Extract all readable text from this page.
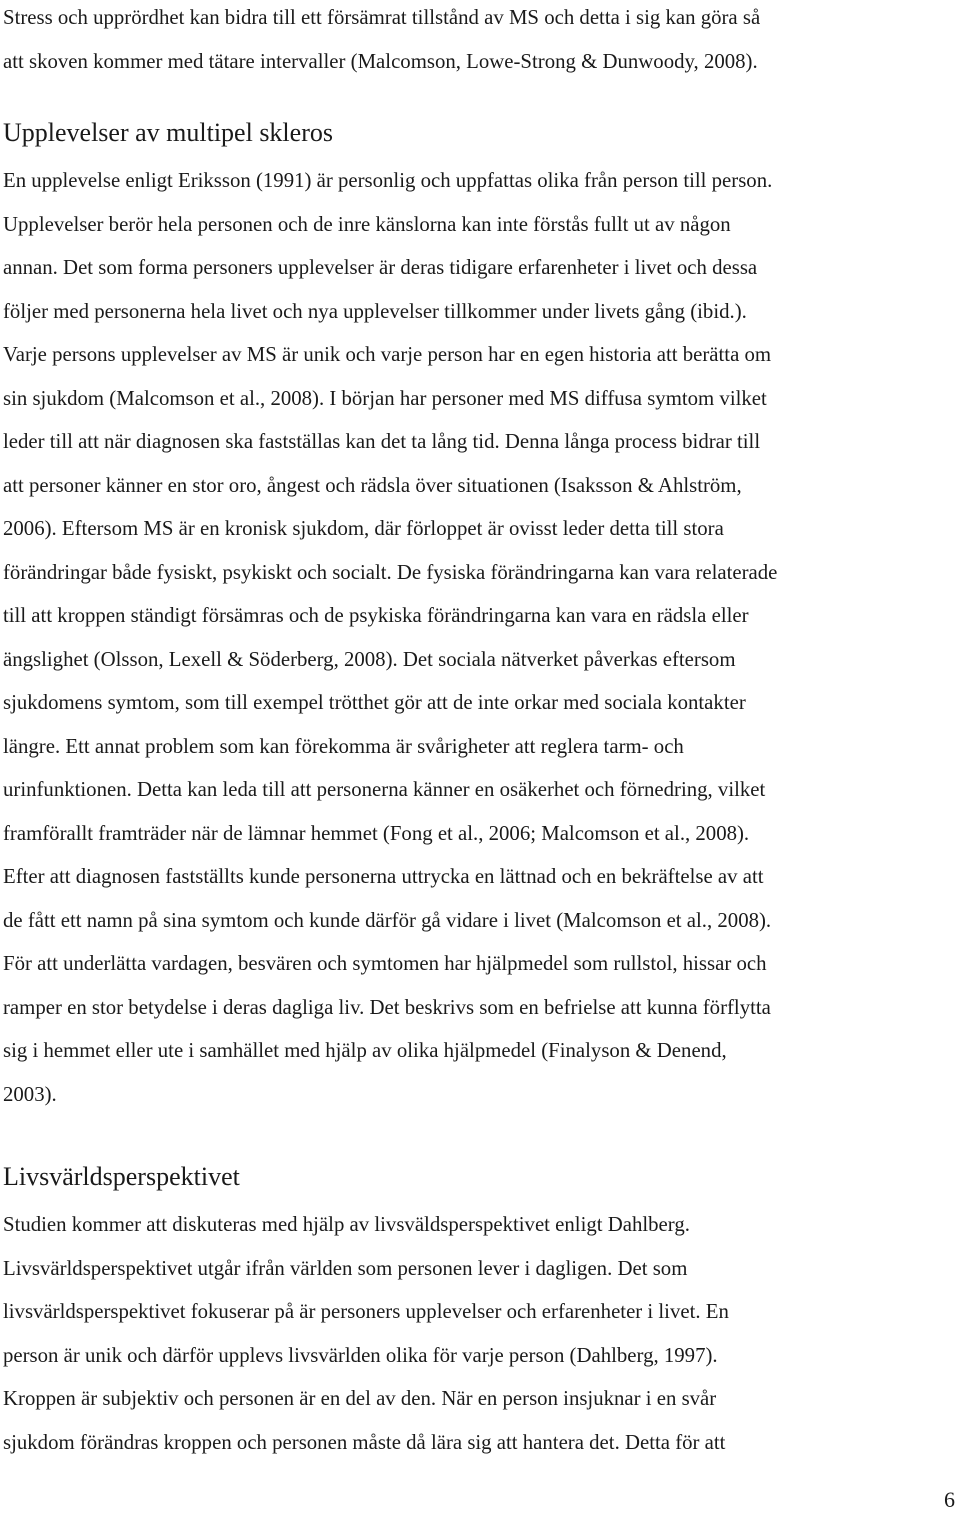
Stress och upprördhet kan bidra till ett försämrat tillstånd av MS och detta i sig kan göra så
att skoven kommer med tätare intervaller (Malcomson, Lowe-Strong & Dunwoody, 2008).
Upplevelser av multipel skleros
En upplevelse enligt Eriksson (1991) är personlig och uppfattas olika från person till person.
Upplevelser berör hela personen och de inre känslorna kan inte förstås fullt ut av någon
annan. Det som forma personers upplevelser är deras tidigare erfarenheter i livet och dessa
följer med personerna hela livet och nya upplevelser tillkommer under livets gång (ibid.).
Varje persons upplevelser av MS är unik och varje person har en egen historia att berätta om
sin sjukdom (Malcomson et al., 2008). I början har personer med MS diffusa symtom vilket
leder till att när diagnosen ska fastställas kan det ta lång tid. Denna långa process bidrar till
att personer känner en stor oro, ångest och rädsla över situationen (Isaksson & Ahlström,
2006). Eftersom MS är en kronisk sjukdom, där förloppet är ovisst leder detta till stora
förändringar både fysiskt, psykiskt och socialt. De fysiska förändringarna kan vara relaterade
till att kroppen ständigt försämras och de psykiska förändringarna kan vara en rädsla eller
ängslighet (Olsson, Lexell & Söderberg, 2008). Det sociala nätverket påverkas eftersom
sjukdomens symtom, som till exempel trötthet gör att de inte orkar med sociala kontakter
längre. Ett annat problem som kan förekomma är svårigheter att reglera tarm- och
urinfunktionen. Detta kan leda till att personerna känner en osäkerhet och förnedring, vilket
framförallt framträder när de lämnar hemmet (Fong et al., 2006; Malcomson et al., 2008).
Efter att diagnosen fastställts kunde personerna uttrycka en lättnad och en bekräftelse av att
de fått ett namn på sina symtom och kunde därför gå vidare i livet (Malcomson et al., 2008).
För att underlätta vardagen, besvären och symtomen har hjälpmedel som rullstol, hissar och
ramper en stor betydelse i deras dagliga liv. Det beskrivs som en befrielse att kunna förflytta
sig i hemmet eller ute i samhället med hjälp av olika hjälpmedel (Finalyson & Denend,
2003).
Livsvärldsperspektivet
Studien kommer att diskuteras med hjälp av livsväldsperspektivet enligt Dahlberg.
Livsvärldsperspektivet utgår ifrån världen som personen lever i dagligen. Det som
livsvärldsperspektivet fokuserar på är personers upplevelser och erfarenheter i livet. En
person är unik och därför upplevs livsvärlden olika för varje person (Dahlberg, 1997).
Kroppen är subjektiv och personen är en del av den. När en person insjuknar i en svår
sjukdom förändras kroppen och personen måste då lära sig att hantera det. Detta för att
6
